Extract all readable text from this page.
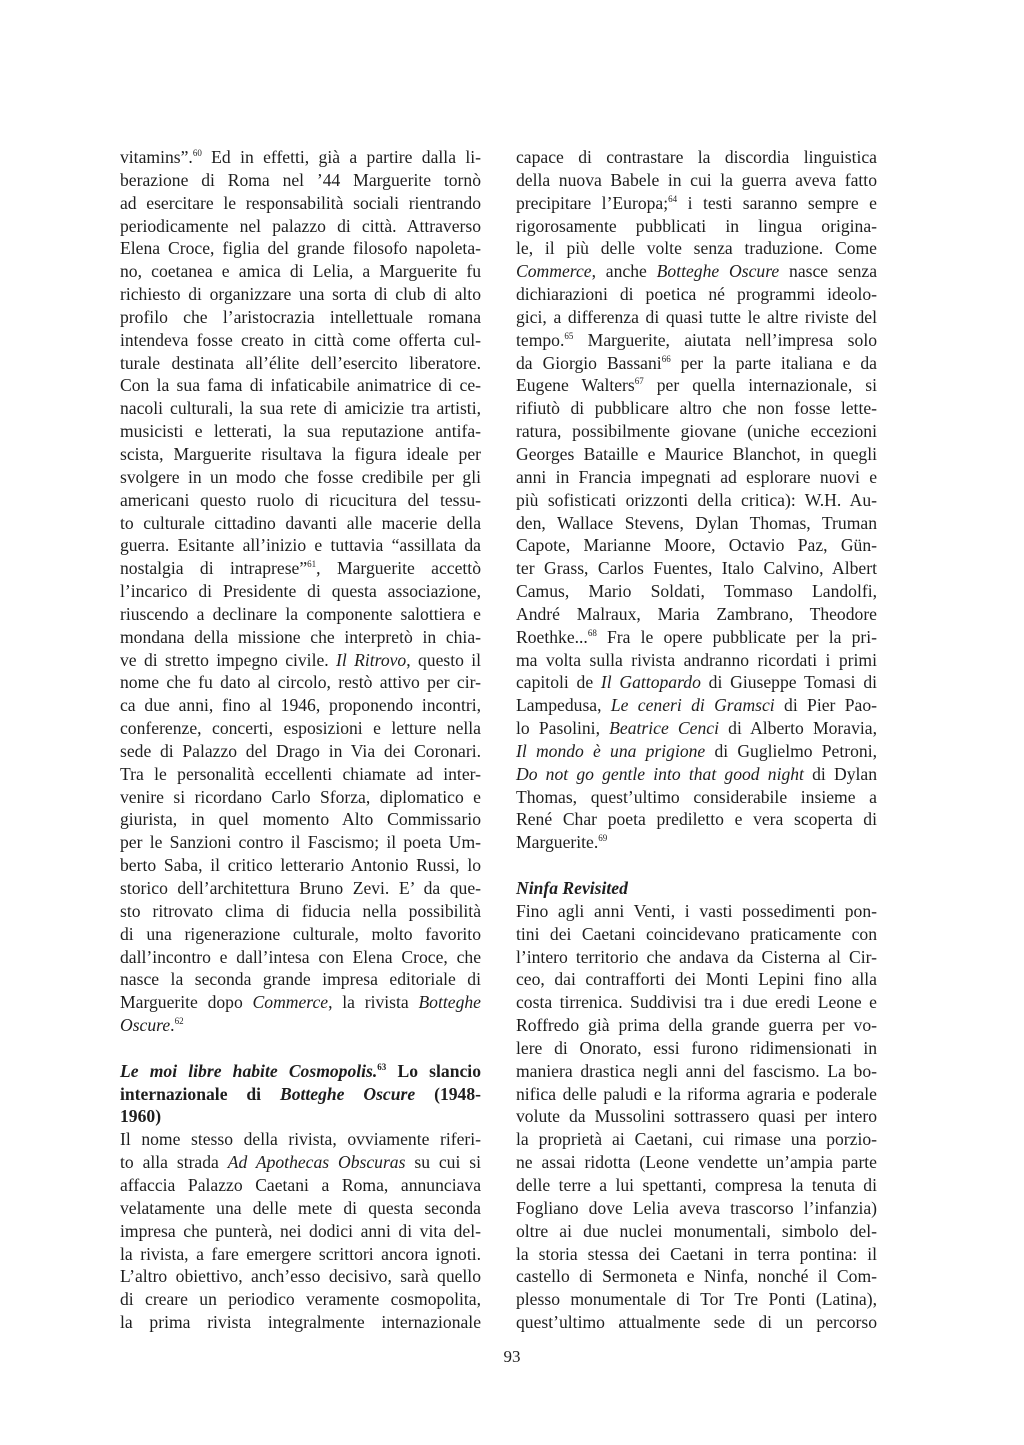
vitamins”.$^{60}$ Ed in effetti, già a partire dalla li-
berazione di Roma nel ’44 Marguerite tornò
ad esercitare le responsabilità sociali rientrando
periodicamente nel palazzo di città. Attraverso
Elena Croce, figlia del grande filosofo napoleta-
no, coetanea e amica di Lelia, a Marguerite fu
richiesto di organizzare una sorta di club di alto
profilo che l’aristocrazia intellettuale romana
intendeva fosse creato in città come offerta cul-
turale destinata all’élite dell’esercito liberatore.
Con la sua fama di infaticabile animatrice di ce-
nacoli culturali, la sua rete di amicizie tra artisti,
musicisti e letterati, la sua reputazione antifa-
scista, Marguerite risultava la figura ideale per
svolgere in un modo che fosse credibile per gli
americani questo ruolo di ricucitura del tessu-
to culturale cittadino davanti alle macerie della
guerra. Esitante all’inizio e tuttavia “assillata da
nostalgia di intraprese”$^{61}$, Marguerite accettò
l’incarico di Presidente di questa associazione,
riuscendo a declinare la componente salottiera e
mondana della missione che interpretò in chia-
ve di stretto impegno civile. Il Ritrovo, questo il
nome che fu dato al circolo, restò attivo per cir-
ca due anni, fino al 1946, proponendo incontri,
conferenze, concerti, esposizioni e letture nella
sede di Palazzo del Drago in Via dei Coronari.
Tra le personalità eccellenti chiamate ad inter-
venire si ricordano Carlo Sforza, diplomatico e
giurista, in quel momento Alto Commissario
per le Sanzioni contro il Fascismo; il poeta Um-
berto Saba, il critico letterario Antonio Russi, lo
storico dell’architettura Bruno Zevi. E’ da que-
sto ritrovato clima di fiducia nella possibilità
di una rigenerazione culturale, molto favorito
dall’incontro e dall’intesa con Elena Croce, che
nasce la seconda grande impresa editoriale di
Marguerite dopo Commerce, la rivista Botteghe
Oscure.$^{62}$
Le moi libre habite Cosmopolis.$^{63}$ Lo slancio
internazionale di Botteghe Oscure (1948-
1960)
Il nome stesso della rivista, ovviamente riferi-
to alla strada Ad Apothecas Obscuras su cui si
affaccia Palazzo Caetani a Roma, annunciava
velatamente una delle mete di questa seconda
impresa che punterà, nei dodici anni di vita del-
la rivista, a fare emergere scrittori ancora ignoti.
L’altro obiettivo, anch’esso decisivo, sarà quello
di creare un periodico veramente cosmopolita,
la prima rivista integralmente internazionale
capace di contrastare la discordia linguistica
della nuova Babele in cui la guerra aveva fatto
precipitare l’Europa;$^{64}$ i testi saranno sempre e
rigorosamente pubblicati in lingua origina-
le, il più delle volte senza traduzione. Come
Commerce, anche Botteghe Oscure nasce senza
dichiarazioni di poetica né programmi ideolo-
gici, a differenza di quasi tutte le altre riviste del
tempo.$^{65}$ Marguerite, aiutata nell’impresa solo
da Giorgio Bassani$^{66}$ per la parte italiana e da
Eugene Walters$^{67}$ per quella internazionale, si
rifiutò di pubblicare altro che non fosse lette-
ratura, possibilmente giovane (uniche eccezioni
Georges Bataille e Maurice Blanchot, in quegli
anni in Francia impegnati ad esplorare nuovi e
più sofisticati orizzonti della critica): W.H. Au-
den, Wallace Stevens, Dylan Thomas, Truman
Capote, Marianne Moore, Octavio Paz, Gün-
ter Grass, Carlos Fuentes, Italo Calvino, Albert
Camus, Mario Soldati, Tommaso Landolfi,
André Malraux, Maria Zambrano, Theodore
Roethke...$^{68}$ Fra le opere pubblicate per la pri-
ma volta sulla rivista andranno ricordati i primi
capitoli de Il Gattopardo di Giuseppe Tomasi di
Lampedusa, Le ceneri di Gramsci di Pier Pao-
lo Pasolini, Beatrice Cenci di Alberto Moravia,
Il mondo è una prigione di Guglielmo Petroni,
Do not go gentle into that good night di Dylan
Thomas, quest’ultimo considerabile insieme a
René Char poeta prediletto e vera scoperta di
Marguerite.$^{69}$
Ninfa Revisited
Fino agli anni Venti, i vasti possedimenti pon-
tini dei Caetani coincidevano praticamente con
l’intero territorio che andava da Cisterna al Cir-
ceo, dai contrafforti dei Monti Lepini fino alla
costa tirrenica. Suddivisi tra i due eredi Leone e
Roffredo già prima della grande guerra per vo-
lere di Onorato, essi furono ridimensionati in
maniera drastica negli anni del fascismo. La bo-
nifica delle paludi e la riforma agraria e poderale
volute da Mussolini sottrassero quasi per intero
la proprietà ai Caetani, cui rimase una porzio-
ne assai ridotta (Leone vendette un’ampia parte
delle terre a lui spettanti, compresa la tenuta di
Fogliano dove Lelia aveva trascorso l’infanzia)
oltre ai due nuclei monumentali, simbolo del-
la storia stessa dei Caetani in terra pontina: il
castello di Sermoneta e Ninfa, nonché il Com-
plesso monumentale di Tor Tre Ponti (Latina),
quest’ultimo attualmente sede di un percorso
93
